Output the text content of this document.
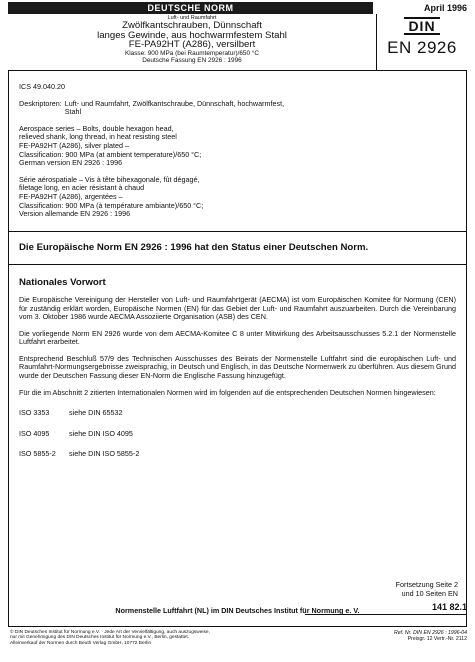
DEUTSCHE NORM	April 1996
Luft- und Raumfahrt
Zwölfkantschrauben, Dünnschaft
langes Gewinde, aus hochwarmfestem Stahl
FE-PA92HT (A286), versilbert
Klasse: 900 MPa (bei Raumtemperatur)/650 °C
Deutsche Fassung EN 2926 : 1996
DIN
EN 2926
ICS 49.040.20
Deskriptoren: Luft- und Raumfahrt, Zwölfkantschraube, Dünnschaft, hochwarmfest,
Stahl
Aerospace series – Bolts, double hexagon head,
relieved shank, long thread, in heat resisting steel
FE-PA92HT (A286), silver plated –
Classification: 900 MPa (at ambient temperature)/650 °C;
German version EN 2926 : 1996
Série aérospatiale – Vis à tête bihexagonale, fût dégagé,
filetage long, en acier résistant à chaud
FE-PA92HT (A286), argentées –
Classification: 900 MPa (à température ambiante)/650 °C;
Version allemande EN 2926 : 1996
Die Europäische Norm EN 2926 : 1996 hat den Status einer Deutschen Norm.
Nationales Vorwort

Die Europäische Vereinigung der Hersteller von Luft- und Raumfahrtgerät (AECMA) ist vom Europäischen Komitee für Normung (CEN) für zuständig erklärt worden, Europäische Normen (EN) für das Gebiet der Luft- und Raumfahrt auszuarbeiten. Durch die Vereinbarung vom 3. Oktober 1986 wurde AECMA Assoziierte Organisation (ASB) des CEN.

Die vorliegende Norm EN 2926 wurde von dem AECMA-Komitee C 8 unter Mitwirkung des Arbeitsausschusses 5.2.1 der Normenstelle Luftfahrt erarbeitet.

Entsprechend Beschluß 57/9 des Technischen Ausschusses des Beirats der Normenstelle Luftfahrt sind die europäischen Luft- und Raumfahrt-Normungsergebnisse zweisprachig, in Deutsch und Englisch, in das Deutsche Normenwerk zu überführen. Aus diesem Grund wurde der Deutschen Fassung dieser EN-Norm die Englische Fassung hinzugefügt.

Für die im Abschnitt 2 zitierten Internationalen Normen wird im folgenden auf die entsprechenden Deutschen Normen hingewiesen:

ISO 3353	siehe DIN 65532
ISO 4095	siehe DIN ISO 4095
ISO 5855-2	siehe DIN ISO 5855-2
Fortsetzung Seite 2
und 10 Seiten EN
Normenstelle Luftfahrt (NL) im DIN Deutsches Institut für Normung e. V.	141 82.1
© DIN Deutsches Institut für Normung e.V. · Jede Art der Vervielfältigung, auch auszugsweise,
nur mit Genehmigung des DIN Deutsches Institut für Normung e.V., Berlin, gestattet.
Alleinverkauf der Normen durch Beuth Verlag GmbH, 10772 Berlin
Ref. Nr. DIN EN 2926 : 1996-04
Preisgr. 12 Vertr.-Nr. 2112
